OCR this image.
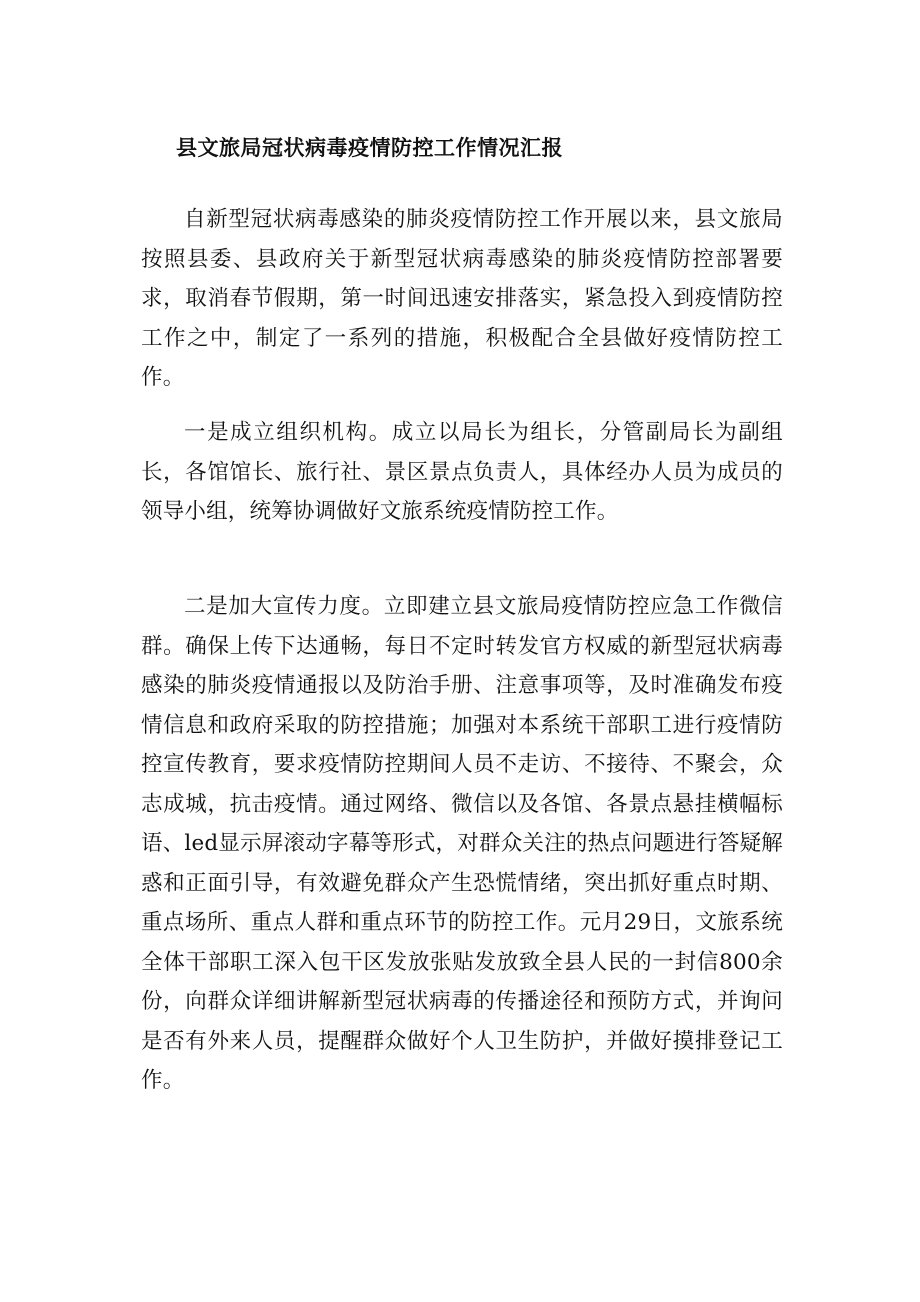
县文旅局冠状病毒疫情防控工作情况汇报

自新型冠状病毒感染的肺炎疫情防控工作开展以来，县文旅局按照县委、县政府关于新型冠状病毒感染的肺炎疫情防控部署要求，取消春节假期，第一时间迅速安排落实，紧急投入到疫情防控工作之中，制定了一系列的措施，积极配合全县做好疫情防控工作。

一是成立组织机构。成立以局长为组长，分管副局长为副组长，各馆馆长、旅行社、景区景点负责人，具体经办人员为成员的领导小组，统筹协调做好文旅系统疫情防控工作。

二是加大宣传力度。立即建立县文旅局疫情防控应急工作微信群。确保上传下达通畅，每日不定时转发官方权威的新型冠状病毒感染的肺炎疫情通报以及防治手册、注意事项等，及时准确发布疫情信息和政府采取的防控措施；加强对本系统干部职工进行疫情防控宣传教育，要求疫情防控期间人员不走访、不接待、不聚会，众志成城，抗击疫情。通过网络、微信以及各馆、各景点悬挂横幅标语、led显示屏滚动字幕等形式，对群众关注的热点问题进行答疑解惑和正面引导，有效避免群众产生恐慌情绪，突出抓好重点时期、重点场所、重点人群和重点环节的防控工作。元月29日，文旅系统全体干部职工深入包干区发放张贴发放致全县人民的一封信800余份，向群众详细讲解新型冠状病毒的传播途径和预防方式，并询问是否有外来人员，提醒群众做好个人卫生防护，并做好摸排登记工作。
